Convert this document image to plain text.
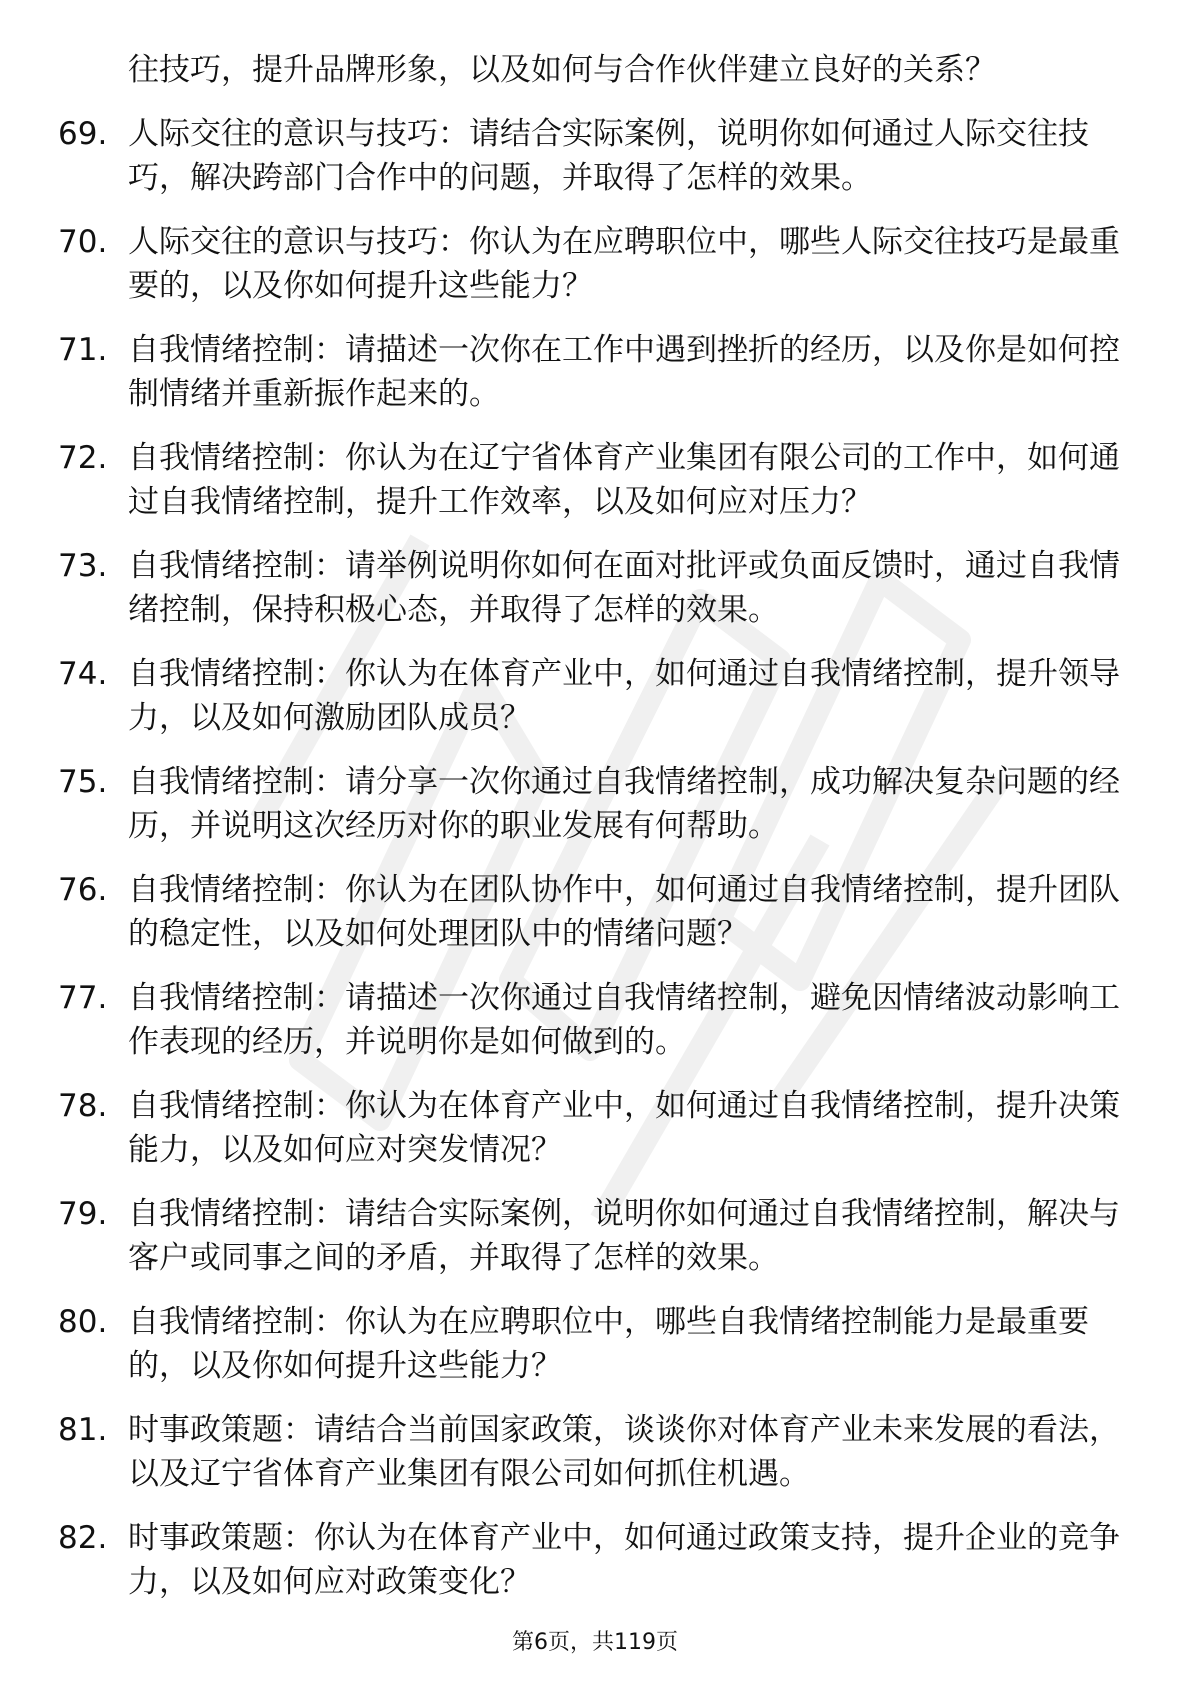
往技巧，提升品牌形象，以及如何与合作伙伴建立良好的关系？
69. 人际交往的意识与技巧：请结合实际案例，说明你如何通过人际交往技巧，解决跨部门合作中的问题，并取得了怎样的效果。
70. 人际交往的意识与技巧：你认为在应聘职位中，哪些人际交往技巧是最重要的，以及你如何提升这些能力？
71. 自我情绪控制：请描述一次你在工作中遇到挫折的经历，以及你是如何控制情绪并重新振作起来的。
72. 自我情绪控制：你认为在辽宁省体育产业集团有限公司的工作中，如何通过自我情绪控制，提升工作效率，以及如何应对压力？
73. 自我情绪控制：请举例说明你如何在面对批评或负面反馈时，通过自我情绪控制，保持积极心态，并取得了怎样的效果。
74. 自我情绪控制：你认为在体育产业中，如何通过自我情绪控制，提升领导力，以及如何激励团队成员？
75. 自我情绪控制：请分享一次你通过自我情绪控制，成功解决复杂问题的经历，并说明这次经历对你的职业发展有何帮助。
76. 自我情绪控制：你认为在团队协作中，如何通过自我情绪控制，提升团队的稳定性，以及如何处理团队中的情绪问题？
77. 自我情绪控制：请描述一次你通过自我情绪控制，避免因情绪波动影响工作表现的经历，并说明你是如何做到的。
78. 自我情绪控制：你认为在体育产业中，如何通过自我情绪控制，提升决策能力，以及如何应对突发情况？
79. 自我情绪控制：请结合实际案例，说明你如何通过自我情绪控制，解决与客户或同事之间的矛盾，并取得了怎样的效果。
80. 自我情绪控制：你认为在应聘职位中，哪些自我情绪控制能力是最重要的，以及你如何提升这些能力？
81. 时事政策题：请结合当前国家政策，谈谈你对体育产业未来发展的看法，以及辽宁省体育产业集团有限公司如何抓住机遇。
82. 时事政策题：你认为在体育产业中，如何通过政策支持，提升企业的竞争力，以及如何应对政策变化？
第6页，共119页
